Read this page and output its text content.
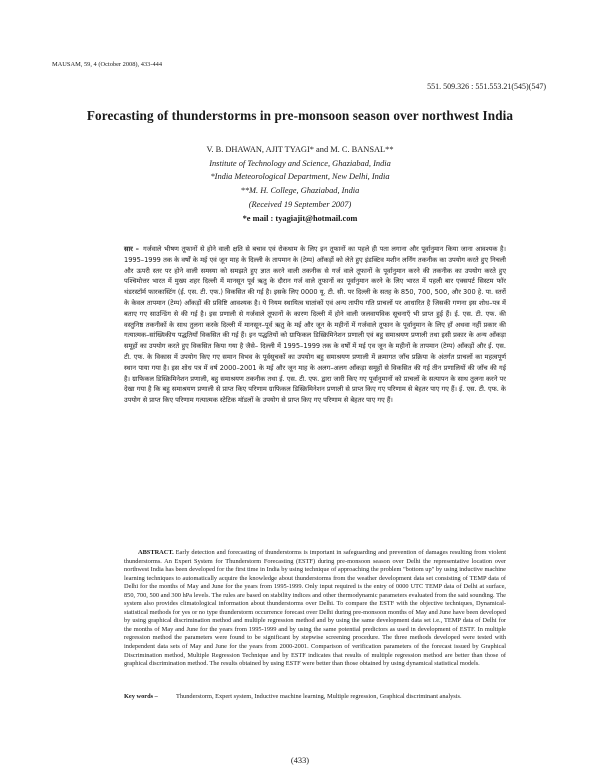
MAUSAM, 59, 4 (October 2008), 433-444
551. 509.326 : 551.553.21(545)(547)
Forecasting of thunderstorms in pre-monsoon season over northwest India
V. B. DHAWAN, AJIT TYAGI* and M. C. BANSAL**
Institute of Technology and Science, Ghaziabad, India
*India Meteorological Department, New Delhi, India
**M. H. College, Ghaziabad, India
(Received 19 September 2007)
*e mail : tyagiajit@hotmail.com

सार – गर्जवाले भीषण तूफानों से होने वाली क्षति से बचाव एवं रोकथाम के लिए इन तूफानों का पहले ही पता लगाना और पूर्वानुमान किया जाना आवश्यक है। 1995–1999 तक के वर्षों के मई एवं जून माह के दिल्ली के तापमान के (टेम्प) आँकड़ों को लेते हुए इंडक्टिव मशीन लर्निंग तकनीक का उपयोग करते हुए निचली और ऊपरी स्तर पर होने वाली समस्या को समझते हुए ज्ञात करने वाली तकनीक से गर्ज वाले तूफानों के पूर्वानुमान करने की तकनीक का उपयोग करते हुए पश्चिमोत्तर भारत में मुख्य शहर दिल्ली में मानसून पूर्व ऋतु के दौरान गर्ज वाले तूफानों का पूर्वानुमान करने के लिए भारत में पहली बार एक्सपर्ट सिस्टम फॉर थंडरस्टॉर्म फारकास्टिंग (ई. एस. टी. एफ.) विकसित की गई है। इसके लिए 0000 यू. टी. सी. पर दिल्ली के सतह के 850, 700, 500, और 300 हे. पा. स्तरों के केवल तापमान (टेम्प) आँकड़ों की प्रविष्टि आवश्यक है। ये नियम स्थायित्व घातांकों एवं अन्य तापीय गति प्राचलों पर आधारित है जिसकी गणना इस शोध–पत्र में बताए गए साउन्डिंग से की गई है। इस प्रणाली से गर्जवाले तूफानों के कारण दिल्ली में होने वाली जलवायविक सूचनाएँ भी प्राप्त हुई हैं। ई. एस. टी. एफ. की वस्तुनिष्ठ तकनीकों के साथ तुलना करके दिल्ली में मानसून–पूर्व ऋतु के मई और जून के महीनों में गर्जवाले तूफान के पूर्वानुमान के लिए हाँ अथवा नहीं प्रकार की गत्यात्मक–सांख्यिकीय पद्धतियाँ विकसित की गई हैं। इन पद्धतियों को ग्राफिकल डिस्क्रिमिनेशन प्रणाली एवं बहु समाश्रयण प्रणाली तथा इसी प्रकार के अन्य आँकड़ा समूहों का उपयोग करते हुए विकसित किया गया है जैसे– दिल्ली में 1995–1999 तक के वर्षों में मई एव जून के महीनों के तापमान (टेम्प) आँकड़ों और ई. एस. टी. एफ. के विकास में उपयोग किए गए समान विभव के पूर्वसूचकों का उपयोग बहु समाश्रयण प्रणाली में क्रमागत जाँच प्रक्रिया के अंतर्गत प्राचलों का महत्वपूर्ण स्थान पाया गया है। इस शोध पत्र में वर्ष 2000–2001 के मई और जून माह के अलग–अलग आँकड़ा समूहों से विकसित की गई तीन प्रणालियों की जाँच की गई है। ग्राफिकल डिस्क्रिमिनेशन प्रणाली, बहु समाश्रयण तकनीक तथा ई. एस. टी. एफ. द्वारा जारी किए गए पूर्वानुमानों को प्राचलों के सत्यापन के साथ तुलना करने पर देखा गया है कि बहु समाश्रयण प्रणाली से प्राप्त किए परिणाम ग्राफिकल डिस्क्रिमिनेशन प्रणाली से प्राप्त किए गए परिणाम से बेहतर पाए गए हैं। ई. एस. टी. एफ. के उपयोग से प्राप्त किए परिणाम गत्यात्मक स्टेटिक मॉडलों के उपयोग से प्राप्त किए गए परिणाम से बेहतर पाए गए हैं।

ABSTRACT. Early detection and forecasting of thunderstorms is important in safeguarding and prevention of damages resulting from violent thunderstorms. An Expert System for Thunderstorm Forecasting (ESTF) during pre-monsoon season over Delhi the representative location over northwest India has been developed for the first time in India by using technique of approaching the problem "bottom up" by using inductive machine learning techniques to automatically acquire the knowledge about thunderstorms from the weather development data set consisting of TEMP data of Delhi for the months of May and June for the years from 1995-1999. Only input required is the entry of 0000 UTC TEMP data of Delhi at surface, 850, 700, 500 and 300 hPa levels. The rules are based on stability indices and other thermodynamic parameters evaluated from the said sounding. The system also provides climatological information about thunderstorms over Delhi. To compare the ESTF with the objective techniques, Dynamical-statistical methods for yes or no type thunderstorm occurrence forecast over Delhi during pre-monsoon months of May and June have been developed by using graphical discrimination method and multiple regression method and by using the same development data set i.e., TEMP data of Delhi for the months of May and June for the years from 1995-1999 and by using the same potential predictors as used in development of ESTF. In multiple regression method the parameters were found to be significant by stepwise screening procedure. The three methods developed were tested with independent data sets of May and June for the years from 2000-2001. Comparison of verification parameters of the forecast issued by Graphical Discrimination method, Multiple Regression Technique and by ESTF indicates that results of multiple regression method are better than those of graphical discrimination method. The results obtained by using ESTF were better than those obtained by using dynamical statistical models.
Key words –	Thunderstorm, Expert system, Inductive machine learning, Multiple regression, Graphical discriminant analysis.
(433)
